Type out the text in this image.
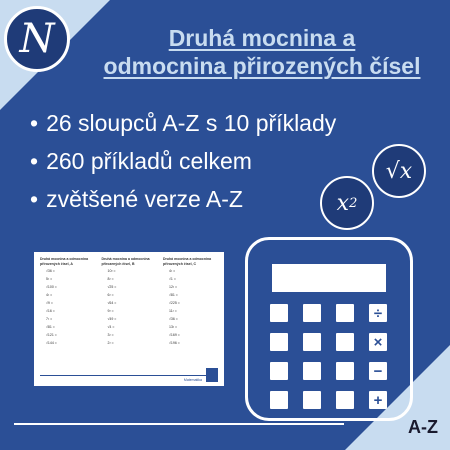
N	Druhá mocnina a
odmocnina přirozených čísel
• 26 sloupců A-Z s 10 příklady
• 260 příkladů celkem
• zvětšené verze A-Z
√x
x 2
Druhá mocnina a odmocnina přirozených čísel, A
√36 =
5² =
√100 =
4² =
√9 =
√16 =
7² =
√81 =
√121 =
√144 =
Druhá mocnina a odmocnina přirozených čísel, B
10² =
8² =
√25 =
6² =
√64 =
9² =
√49 =
√4 =
3² =
2² =
Druhá mocnina a odmocnina přirozených čísel, C
4² =
√1 =
12² =
√81 =
√225 =
11² =
√36 =
13² =
√169 =
√196 =
Matematika
÷
×
−
+
A-Z
